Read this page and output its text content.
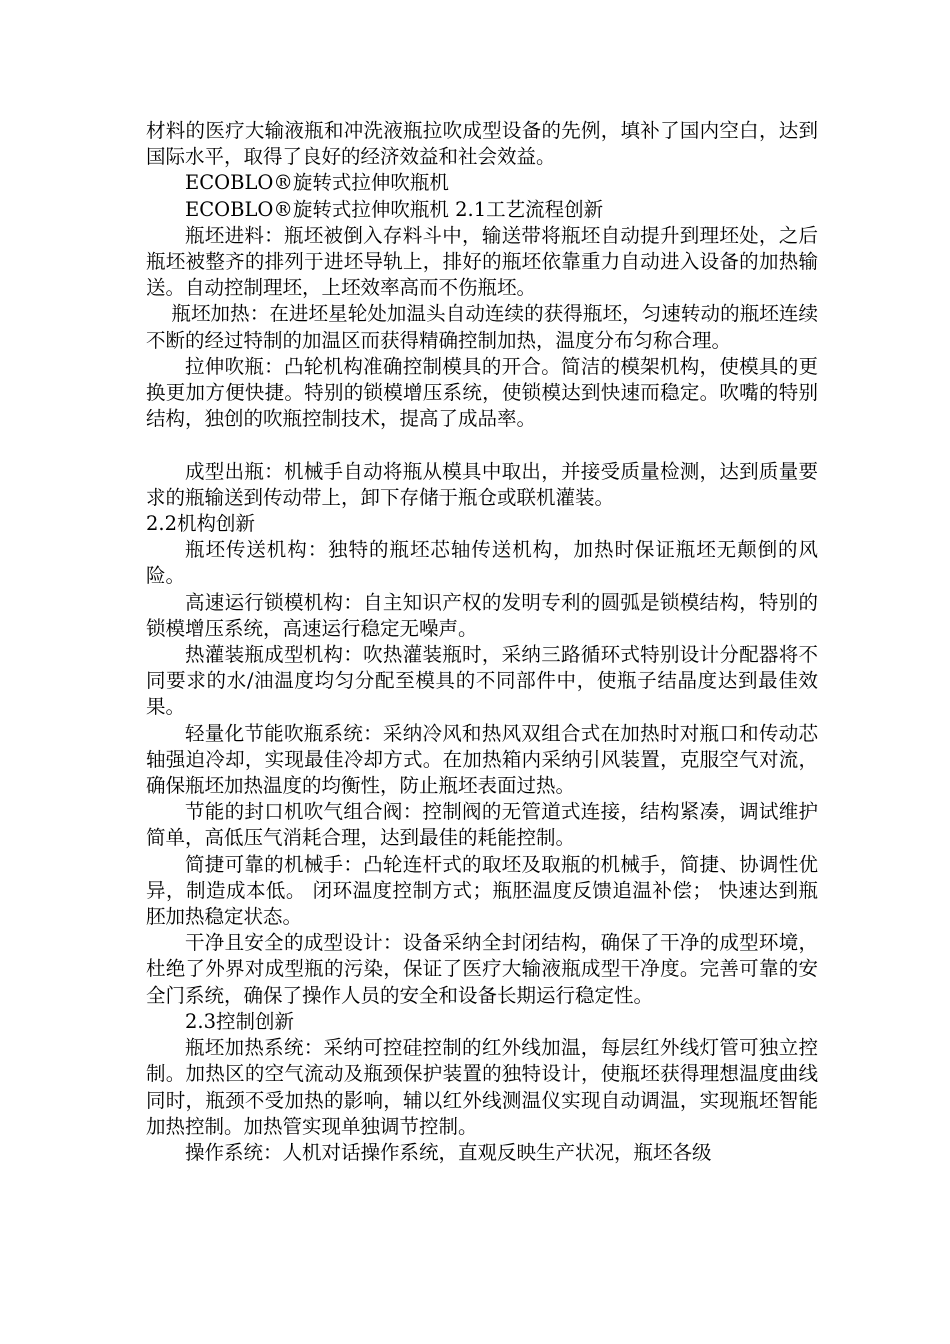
材料的医疗大输液瓶和冲洗液瓶拉吹成型设备的先例，填补了国内空白，达到国际水平，取得了良好的经济效益和社会效益。

ECOBLO®旋转式拉伸吹瓶机

ECOBLO®旋转式拉伸吹瓶机 2.1工艺流程创新

瓶坯进料：瓶坯被倒入存料斗中，输送带将瓶坯自动提升到理坯处，之后瓶坯被整齐的排列于进坯导轨上，排好的瓶坯依靠重力自动进入设备的加热输送。自动控制理坯，上坯效率高而不伤瓶坯。

瓶坯加热：在进坯星轮处加温头自动连续的获得瓶坯，匀速转动的瓶坯连续不断的经过特制的加温区而获得精确控制加热，温度分布匀称合理。

拉伸吹瓶：凸轮机构准确控制模具的开合。简洁的模架机构，使模具的更换更加方便快捷。特别的锁模增压系统，使锁模达到快速而稳定。吹嘴的特别结构，独创的吹瓶控制技术，提高了成品率。

成型出瓶：机械手自动将瓶从模具中取出，并接受质量检测，达到质量要求的瓶输送到传动带上，卸下存储于瓶仓或联机灌装。

2.2机构创新

瓶坯传送机构：独特的瓶坯芯轴传送机构，加热时保证瓶坯无颠倒的风险。

高速运行锁模机构：自主知识产权的发明专利的圆弧是锁模结构，特别的锁模增压系统，高速运行稳定无噪声。

热灌装瓶成型机构：吹热灌装瓶时，采纳三路循环式特别设计分配器将不同要求的水/油温度均匀分配至模具的不同部件中，使瓶子结晶度达到最佳效果。

轻量化节能吹瓶系统：采纳冷风和热风双组合式在加热时对瓶口和传动芯轴强迫冷却，实现最佳冷却方式。在加热箱内采纳引风装置，克服空气对流，确保瓶坯加热温度的均衡性，防止瓶坯表面过热。

节能的封口机吹气组合阀：控制阀的无管道式连接，结构紧凑，调试维护简单，高低压气消耗合理，达到最佳的耗能控制。

简捷可靠的机械手：凸轮连杆式的取坯及取瓶的机械手，简捷、协调性优异，制造成本低。 闭环温度控制方式；瓶胚温度反馈追温补偿； 快速达到瓶胚加热稳定状态。

干净且安全的成型设计：设备采纳全封闭结构，确保了干净的成型环境，杜绝了外界对成型瓶的污染，保证了医疗大输液瓶成型干净度。完善可靠的安全门系统，确保了操作人员的安全和设备长期运行稳定性。

2.3控制创新

瓶坯加热系统：采纳可控硅控制的红外线加温，每层红外线灯管可独立控制。加热区的空气流动及瓶颈保护装置的独特设计，使瓶坯获得理想温度曲线同时，瓶颈不受加热的影响，辅以红外线测温仪实现自动调温，实现瓶坯智能加热控制。加热管实现单独调节控制。

操作系统：人机对话操作系统，直观反映生产状况，瓶坯各级
